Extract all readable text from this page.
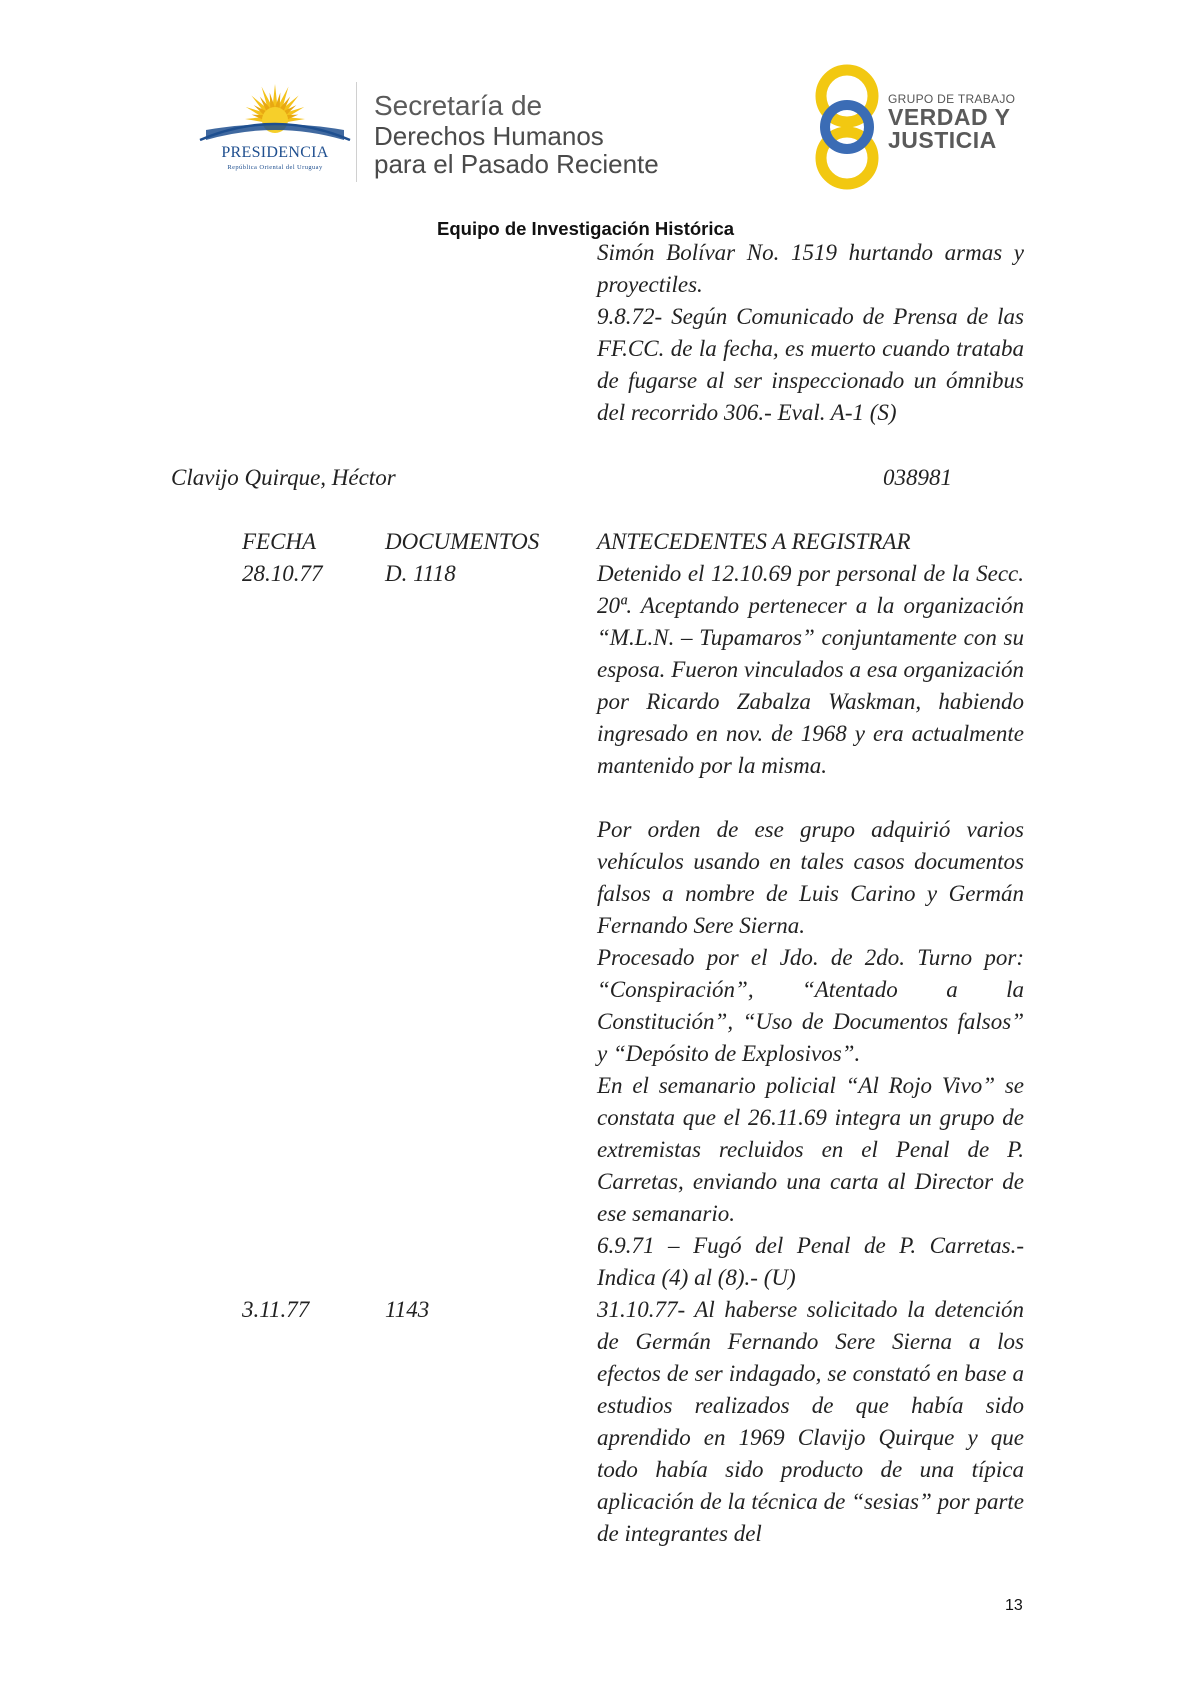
PRESIDENCIA
República Oriental del Uruguay
Secretaría de
Derechos Humanos
para el Pasado Reciente
GRUPO DE TRABAJO
VERDAD Y
JUSTICIA
Equipo de Investigación Histórica
Simón Bolívar No. 1519 hurtando armas y proyectiles.
9.8.72- Según Comunicado de Prensa de las FF.CC. de la fecha, es muerto cuando trataba de fugarse al ser inspeccionado un ómnibus del recorrido 306.- Eval. A-1 (S)
Clavijo Quirque, Héctor	038981
FECHA	DOCUMENTOS	ANTECEDENTES A REGISTRAR
28.10.77	D. 1118	Detenido el 12.10.69 por personal de la Secc. 20ª. Aceptando pertenecer a la organización “M.L.N. – Tupamaros” conjuntamente con su esposa. Fueron vinculados a esa organización por Ricardo Zabalza Waskman, habiendo ingresado en nov. de 1968 y era actualmente mantenido por la misma.
Por orden de ese grupo adquirió varios vehículos usando en tales casos documentos falsos a nombre de Luis Carino y Germán Fernando Sere Sierna.
Procesado por el Jdo. de 2do. Turno por: “Conspiración”, “Atentado a la Constitución”, “Uso de Documentos falsos” y “Depósito de Explosivos”.
En el semanario policial “Al Rojo Vivo” se constata que el 26.11.69 integra un grupo de extremistas recluidos en el Penal de P. Carretas, enviando una carta al Director de ese semanario.
6.9.71 – Fugó del Penal de P. Carretas.- Indica (4) al (8).- (U)
3.11.77	1143	31.10.77- Al haberse solicitado la detención de Germán Fernando Sere Sierna a los efectos de ser indagado, se constató en base a estudios realizados de que había sido aprendido en 1969 Clavijo Quirque y que todo había sido producto de una típica aplicación de la técnica de “sesias” por parte de integrantes del
13
